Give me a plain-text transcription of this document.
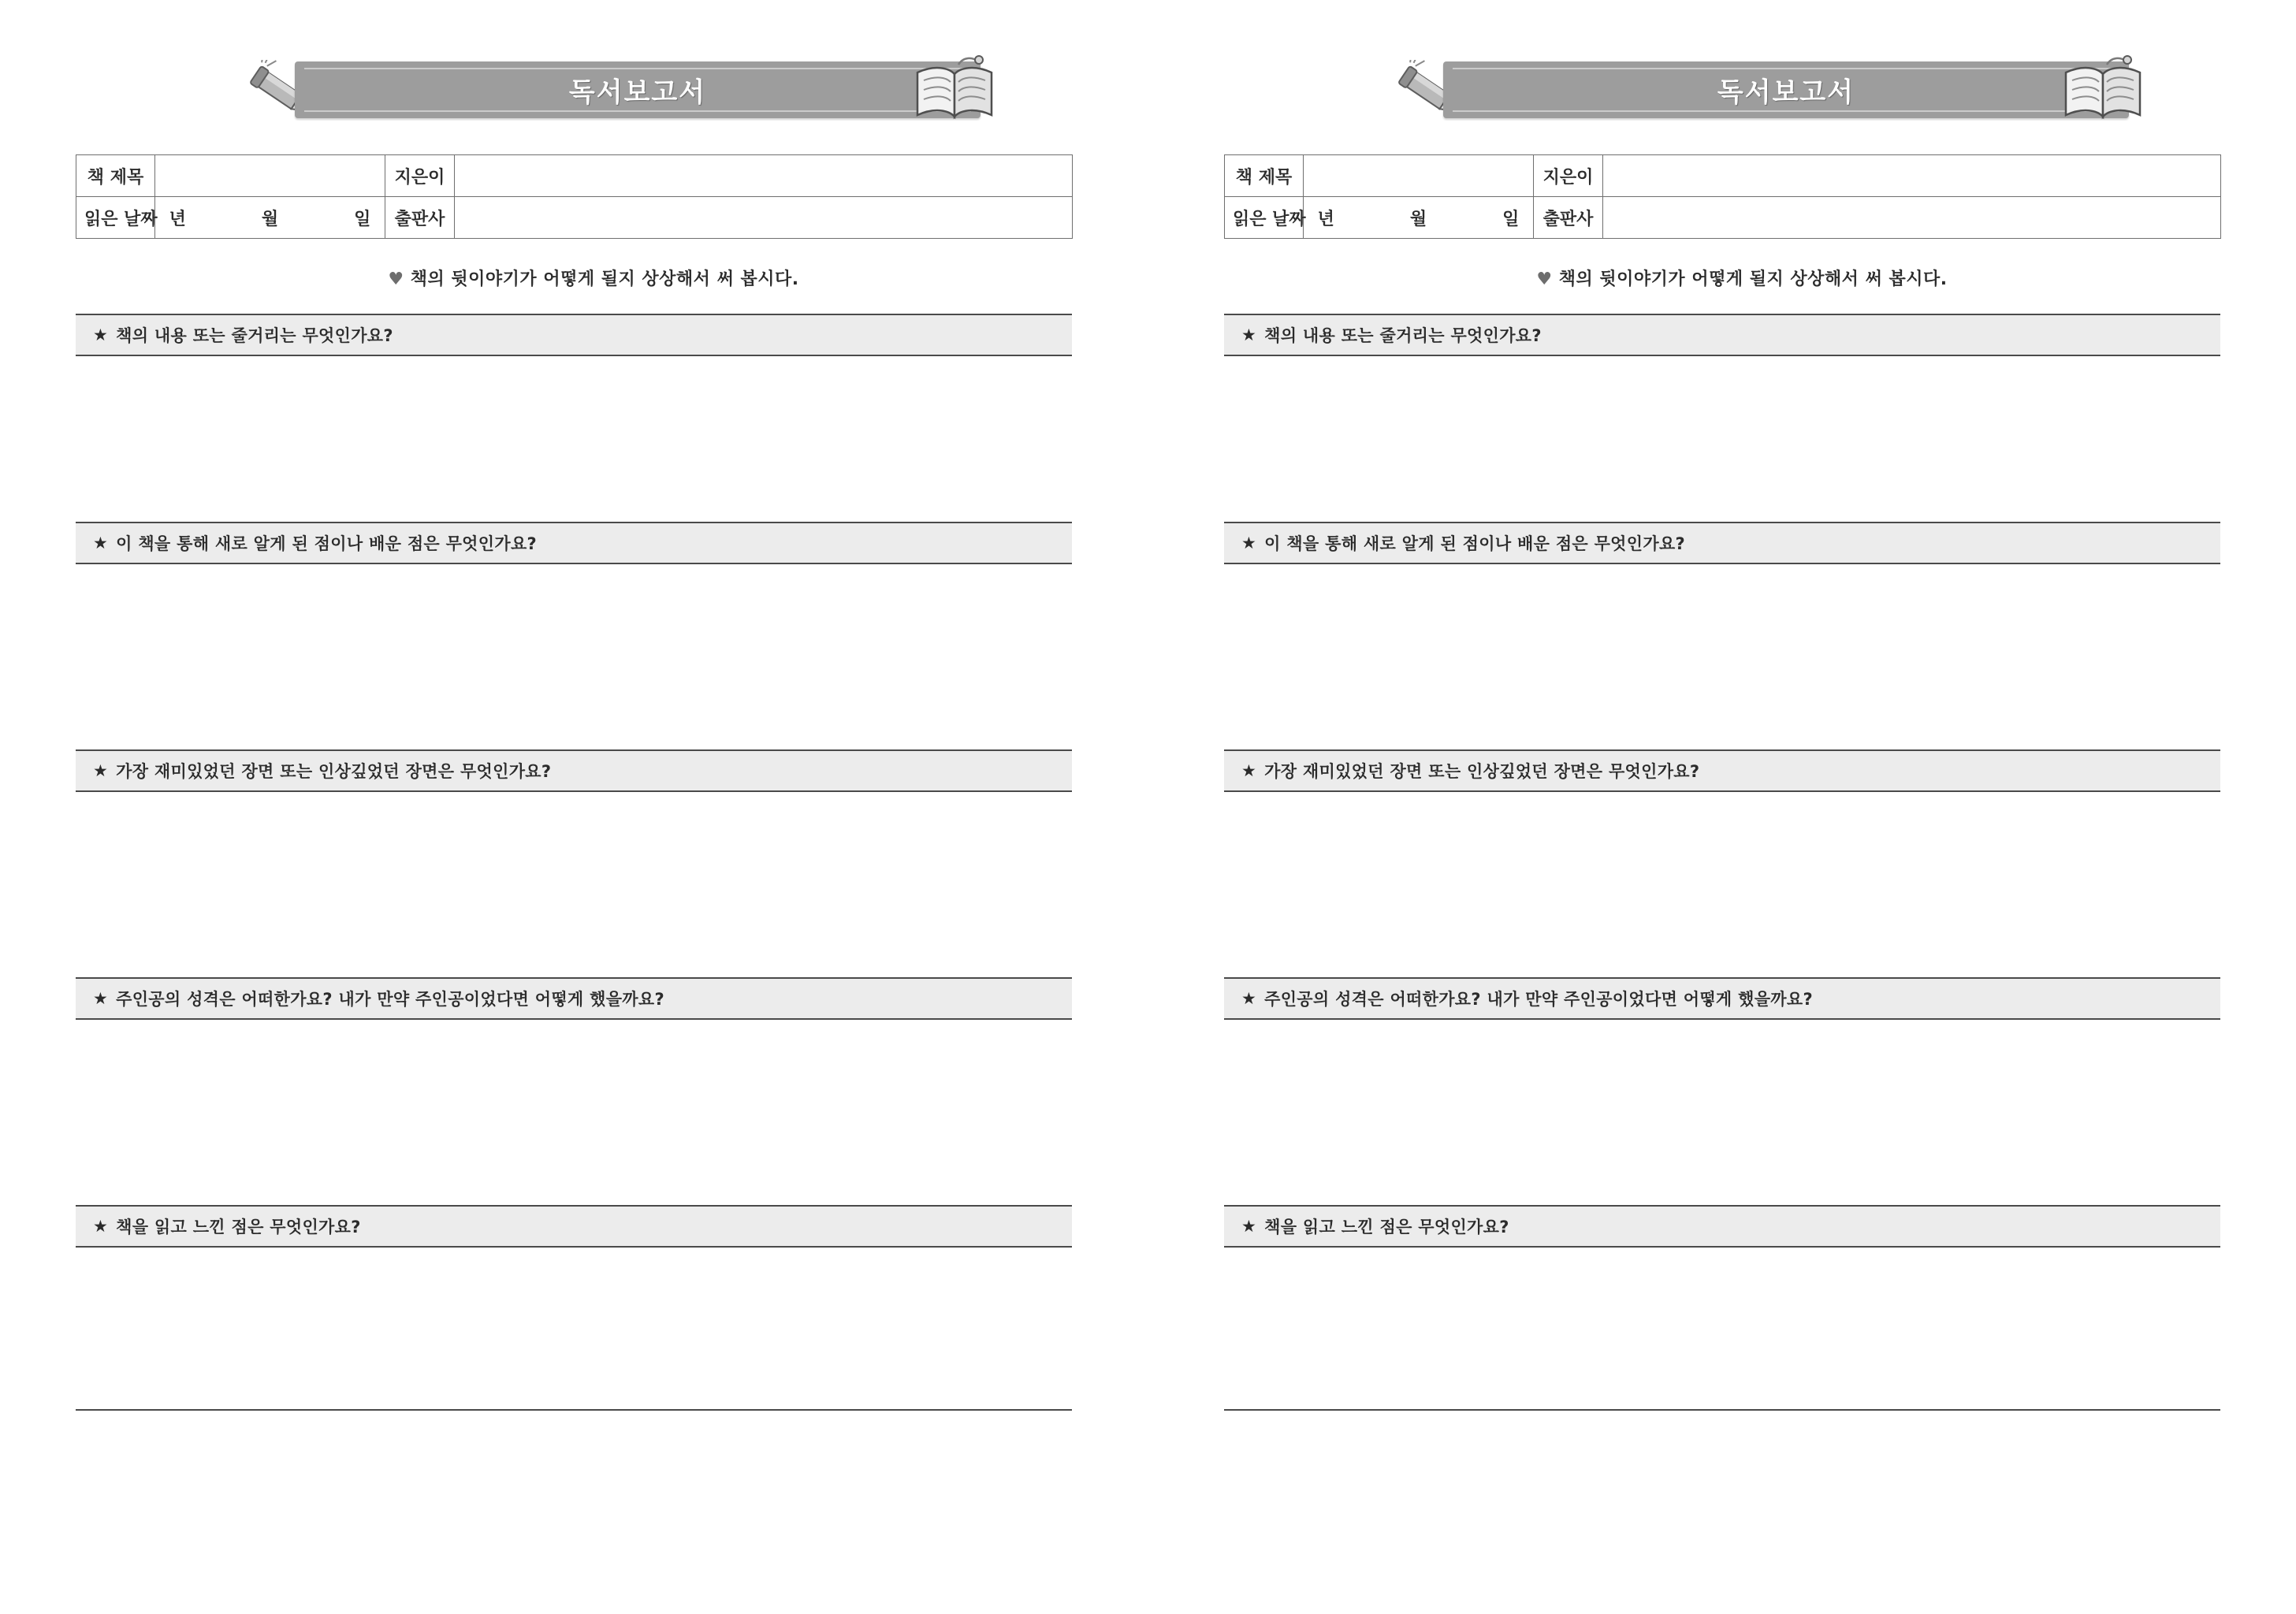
독서보고서
책 제목		지은이	
읽은 날짜	년 월 일	출판사	
♥ 책의 뒷이야기가 어떻게 될지 상상해서 써 봅시다.
★ 책의 내용 또는 줄거리는 무엇인가요?
★ 이 책을 통해 새로 알게 된 점이나 배운 점은 무엇인가요?
★ 가장 재미있었던 장면 또는 인상깊었던 장면은 무엇인가요?
★ 주인공의 성격은 어떠한가요? 내가 만약 주인공이었다면 어떻게 했을까요?
★ 책을 읽고 느낀 점은 무엇인가요?
독서보고서
책 제목		지은이	
읽은 날짜	년 월 일	출판사	
♥ 책의 뒷이야기가 어떻게 될지 상상해서 써 봅시다.
★ 책의 내용 또는 줄거리는 무엇인가요?
★ 이 책을 통해 새로 알게 된 점이나 배운 점은 무엇인가요?
★ 가장 재미있었던 장면 또는 인상깊었던 장면은 무엇인가요?
★ 주인공의 성격은 어떠한가요? 내가 만약 주인공이었다면 어떻게 했을까요?
★ 책을 읽고 느낀 점은 무엇인가요?
